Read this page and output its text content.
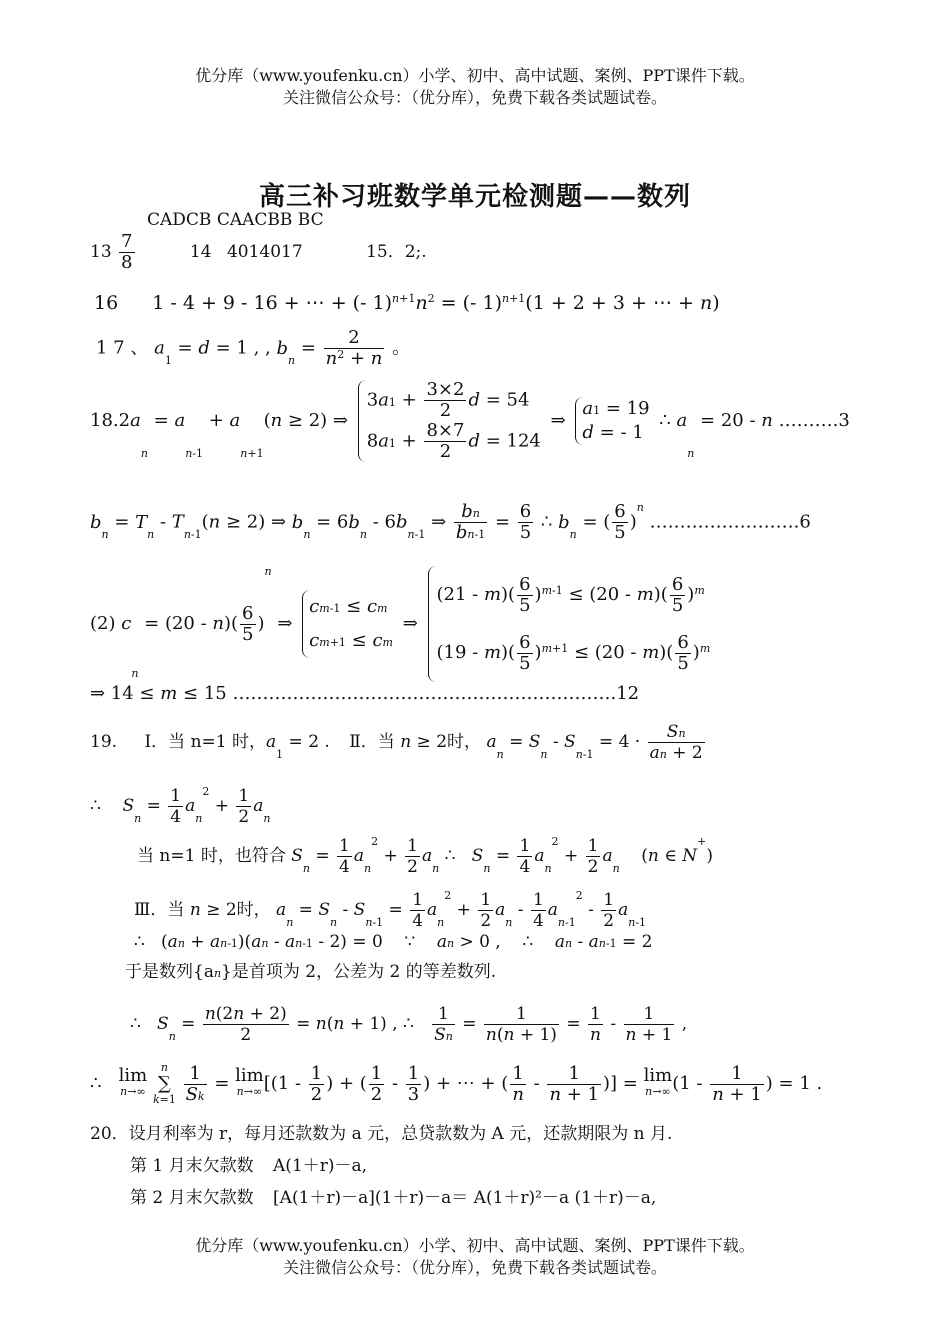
优分库（www.youfenku.cn）小学、初中、高中试题、案例、PPT课件下载。
关注微信公众号：（优分库），免费下载各类试题试卷。
高三补习班数学单元检测题——数列
CADCB CAACBB BC
$13 \frac{7}{8}$	14 4014017	15．2;.
16 1 - 4 + 9 - 16 + ⋯ + (- $1)^{n+1}n^2$ = (- 1)$^{n+1}$(1 + 2 + 3 + ⋯ + n)
1 7 、 $a_1 = d = 1$ , , $b_n = \frac{2}{n^2 + n}$ 。
$18.2a_n = a_{n-1} + a_{n+1}(n \ge 2)$ ⇒
$3a_1 + \frac{3\times 2}{2}$ d = 54
$8a_1 + \frac{8\times 7}{2}$ d = 124
⇒
$a_1 = 19$
d = - 1
∴ $a_n = 20 - n$ ……….3
$b_n = T_n - T_{n-1}(n \ge 2)$ ⇒ $b_n = 6b_n - 6b_{n-1}$ ⇒ $\frac{b_n}{b_{n-1}} = \frac{6}{5}$ ∴ $b_n$ = ( $\frac{6}{5} )^n$ …………………….6
(2) $c_n = (20 - n)( \frac{6}{5} )^n$ ⇒
$c_{m-1} \le c_m$
$c_{m+1} \le c_m$
⇒
$(21 - m)( \frac{6}{5} )^{m-1} \le (20 - m)( \frac{6}{5} )^m$
$(19 - m)( \frac{6}{5} )^{m+1} \le (20 - m)( \frac{6}{5} )^m$
⇒ 14 ≤ m ≤ 15 ……………………………………………………….12
19. Ⅰ．当 n=1 时，$a_1 = 2$ . Ⅱ．当 n ≥ 2时， $a_n = S_n - S_{n-1} = 4 \cdot \frac{S_n}{a_n + 2}$
∴    $S_n = \frac{1}{4} a_n^2 + \frac{1}{2} a_n$
当 n=1 时，也符合 $S_n = \frac{1}{4} a_n^2 + \frac{1}{2} a_n$ ∴   $S_n = \frac{1}{4} a_n^2 + \frac{1}{2} a_n$    (n ∈ N+)
Ⅲ．当 n ≥ 2时， $a_n = S_n - S_{n-1} = \frac{1}{4} a_n^2 + \frac{1}{2} a_n - \frac{1}{4} a_{n-1}^2 - \frac{1}{2} a_{n-1}$
∴   $(a_n + a_{n-1})(a_n - a_{n-1} - 2) = 0$    ∵    $a_n > 0$ ,    ∴    $a_n - a_{n-1} = 2$
于是数列$\{a_n\}$是首项为 2，公差为 2 的等差数列.
∴   $S_n = \frac{n(2n + 2)}{2} = n(n + 1)$ , ∴ $\frac{1}{S_n} = \frac{1}{n(n + 1)} = \frac{1}{n} - \frac{1}{n + 1}$ ,
∴   lim
n→∞

n
∑
k=1
$\frac{1}{S_k} = \lim$
n→∞ [($1 - \frac{1}{2}$ ) + ( $\frac{1}{2} - \frac{1}{3}$ ) + ⋯ + ( $\frac{1}{n} - \frac{1}{n + 1}$ )] = lim
n→∞ ($1 - \frac{1}{n + 1}$ ) = 1 .
20．设月利率为 r，每月还款数为 a 元，总贷款数为 A 元，还款期限为 n 月.
第 1 月末欠款数 A(1＋r)－a,
第 2 月末欠款数 [A(1＋r)－a](1＋r)－a＝ A(1＋r)²－a (1＋r)－a,
优分库（www.youfenku.cn）小学、初中、高中试题、案例、PPT课件下载。
关注微信公众号：（优分库），免费下载各类试题试卷。
